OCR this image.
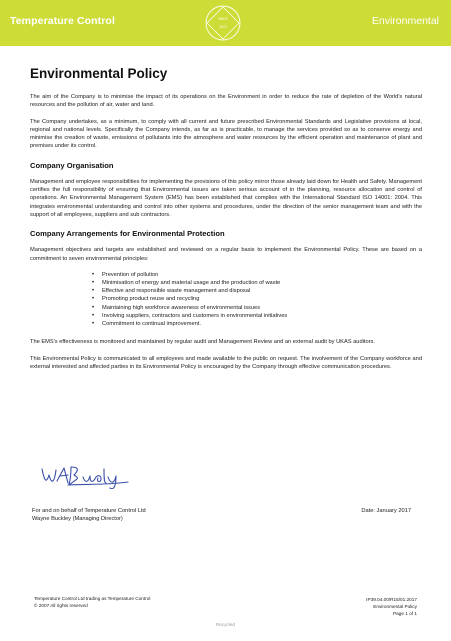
Temperature Control	SINCE
1972	Environmental
Environmental Policy

The aim of the Company is to minimise the impact of its operations on the Environment in order to reduce the rate of depletion of the World's natural resources and the pollution of air, water and land.

The Company undertakes, as a minimum, to comply with all current and future prescribed Environmental Standards and Legislative provisions at local, regional and national levels. Specifically the Company intends, as far as is practicable, to manage the services provided so as to conserve energy and minimise the creation of waste, emissions of pollutants into the atmosphere and water resources by the efficient operation and maintenance of plant and premises under its control.

Company Organisation

Management and employee responsibilities for implementing the provisions of this policy mirror those already laid down for Health and Safety. Management certifies the full responsibility of ensuring that Environmental issues are taken serious account of in the planning, resource allocation and control of operations. An Environmental Management System (EMS) has been established that complies with the International Standard ISO 14001: 2004. This integrates environmental understanding and control into other systems and procedures, under the direction of the senior management team and with the support of all employees, suppliers and sub contractors.

Company Arrangements for Environmental Protection

Management objectives and targets are established and reviewed on a regular basis to implement the Environmental Policy. These are based on a commitment to seven environmental principles:

• Prevention of pollution
• Minimisation of energy and material usage and the production of waste
• Effective and responsible waste management and disposal
• Promoting product reuse and recycling
• Maintaining high workforce awareness of environmental issues
• Involving suppliers, contractors and customers in environmental initiatives
• Commitment to continual improvement.

The EMS's effectiveness is monitored and maintained by regular audit and Management Review and an external audit by UKAS auditors.

This Environmental Policy is communicated to all employees and made available to the public on request. The involvement of the Company workforce and external interested and affected parties in its Environmental Policy is encouraged by the Company through effective communication procedures.

For and on behalf of Temperature Control Ltd
Wayne Buckley (Managing Director)
Date: January 2017
Temperature Control Ltd trading as Temperature Control
© 2007 All rights reserved
IP39.04.00/R15/01.2017
Environmental Policy
Page 1 of 1
Recycled
